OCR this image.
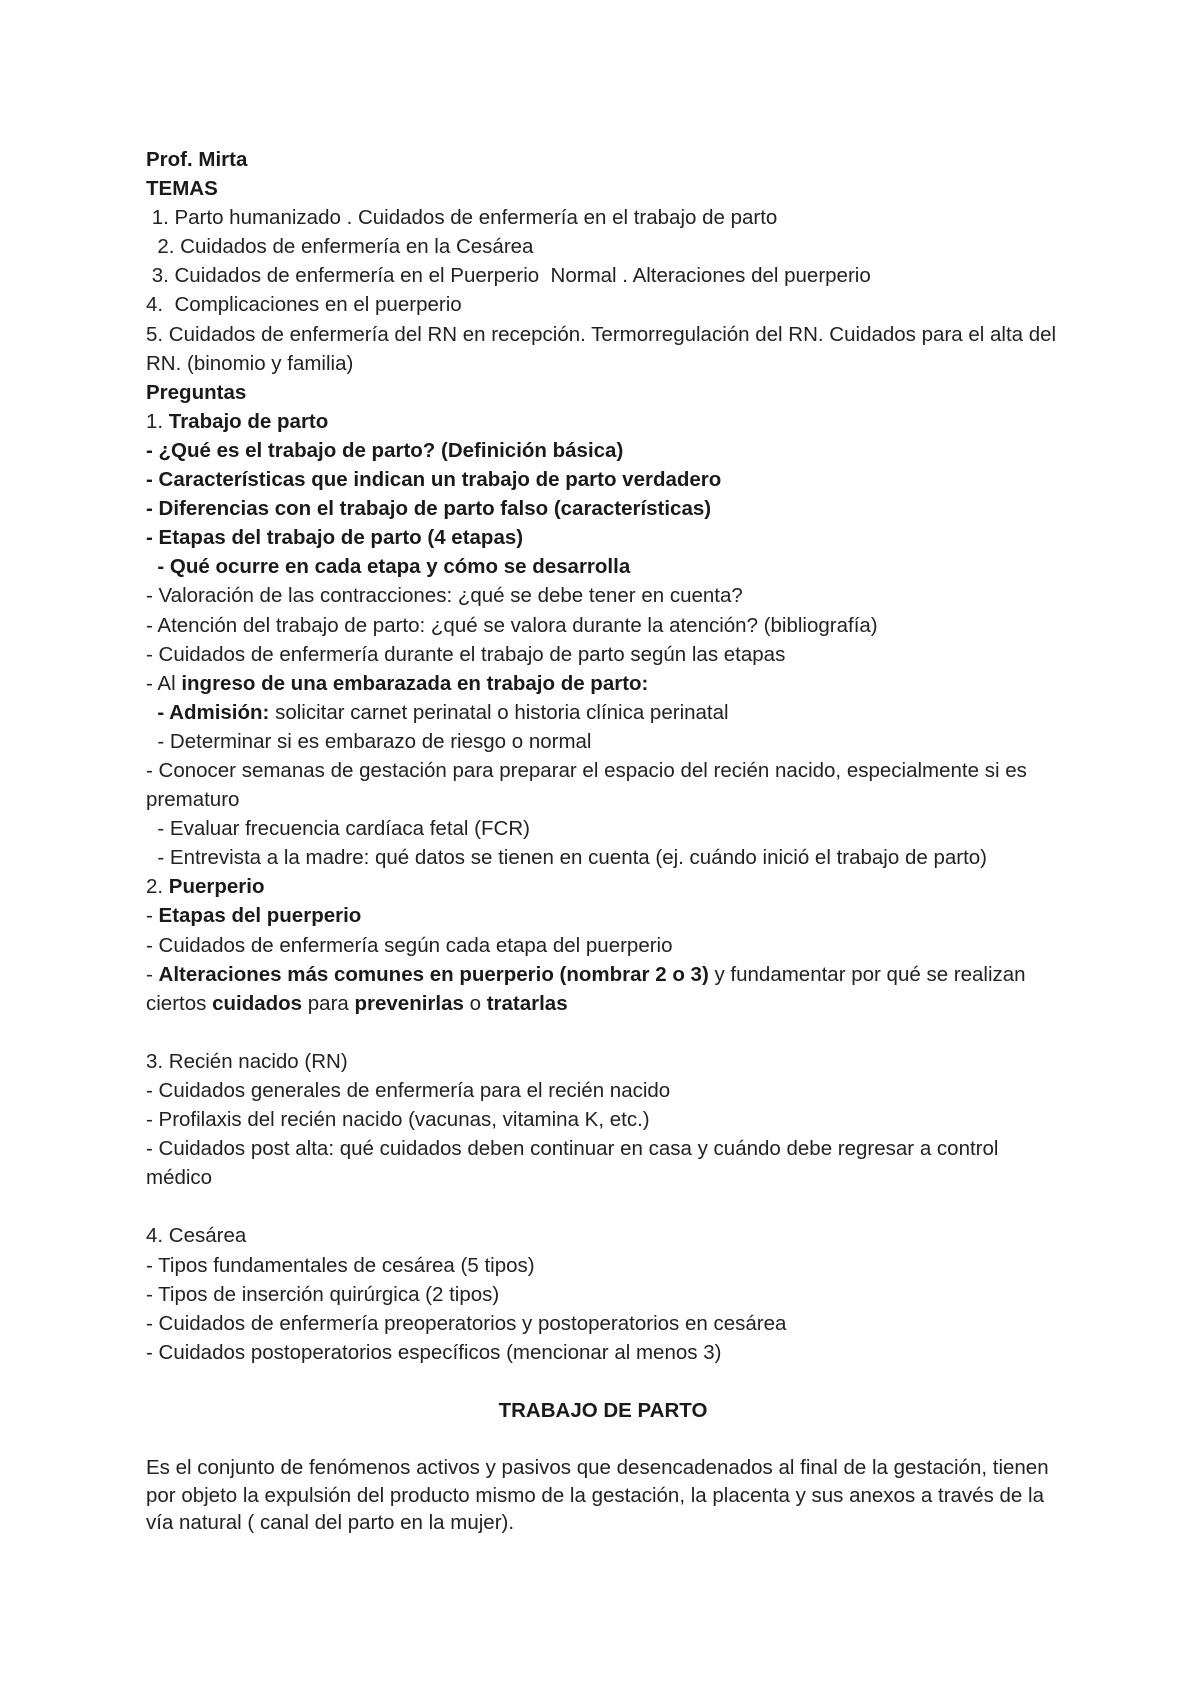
Prof. Mirta
TEMAS
1. Parto humanizado . Cuidados de enfermería en el trabajo de parto
2. Cuidados de enfermería en la Cesárea
3. Cuidados de enfermería en el Puerperio  Normal . Alteraciones del puerperio
4.  Complicaciones en el puerperio
5. Cuidados de enfermería del RN en recepción. Termorregulación del RN. Cuidados para el alta del RN. (binomio y familia)
Preguntas
1. Trabajo de parto
- ¿Qué es el trabajo de parto? (Definición básica)
- Características que indican un trabajo de parto verdadero
- Diferencias con el trabajo de parto falso (características)
- Etapas del trabajo de parto (4 etapas)
- Qué ocurre en cada etapa y cómo se desarrolla
- Valoración de las contracciones: ¿qué se debe tener en cuenta?
- Atención del trabajo de parto: ¿qué se valora durante la atención? (bibliografía)
- Cuidados de enfermería durante el trabajo de parto según las etapas
- Al ingreso de una embarazada en trabajo de parto:
- Admisión: solicitar carnet perinatal o historia clínica perinatal
- Determinar si es embarazo de riesgo o normal
- Conocer semanas de gestación para preparar el espacio del recién nacido, especialmente si es prematuro
- Evaluar frecuencia cardíaca fetal (FCR)
- Entrevista a la madre: qué datos se tienen en cuenta (ej. cuándo inició el trabajo de parto)
2. Puerperio
- Etapas del puerperio
- Cuidados de enfermería según cada etapa del puerperio
- Alteraciones más comunes en puerperio (nombrar 2 o 3) y fundamentar por qué se realizan ciertos cuidados para prevenirlas o tratarlas
3. Recién nacido (RN)
- Cuidados generales de enfermería para el recién nacido
- Profilaxis del recién nacido (vacunas, vitamina K, etc.)
- Cuidados post alta: qué cuidados deben continuar en casa y cuándo debe regresar a control médico
4. Cesárea
- Tipos fundamentales de cesárea (5 tipos)
- Tipos de inserción quirúrgica (2 tipos)
- Cuidados de enfermería preoperatorios y postoperatorios en cesárea
- Cuidados postoperatorios específicos (mencionar al menos 3)
TRABAJO DE PARTO
Es el conjunto de fenómenos activos y pasivos que desencadenados al final de la gestación, tienen por objeto la expulsión del producto mismo de la gestación, la placenta y sus anexos a través de la vía natural ( canal del parto en la mujer).
